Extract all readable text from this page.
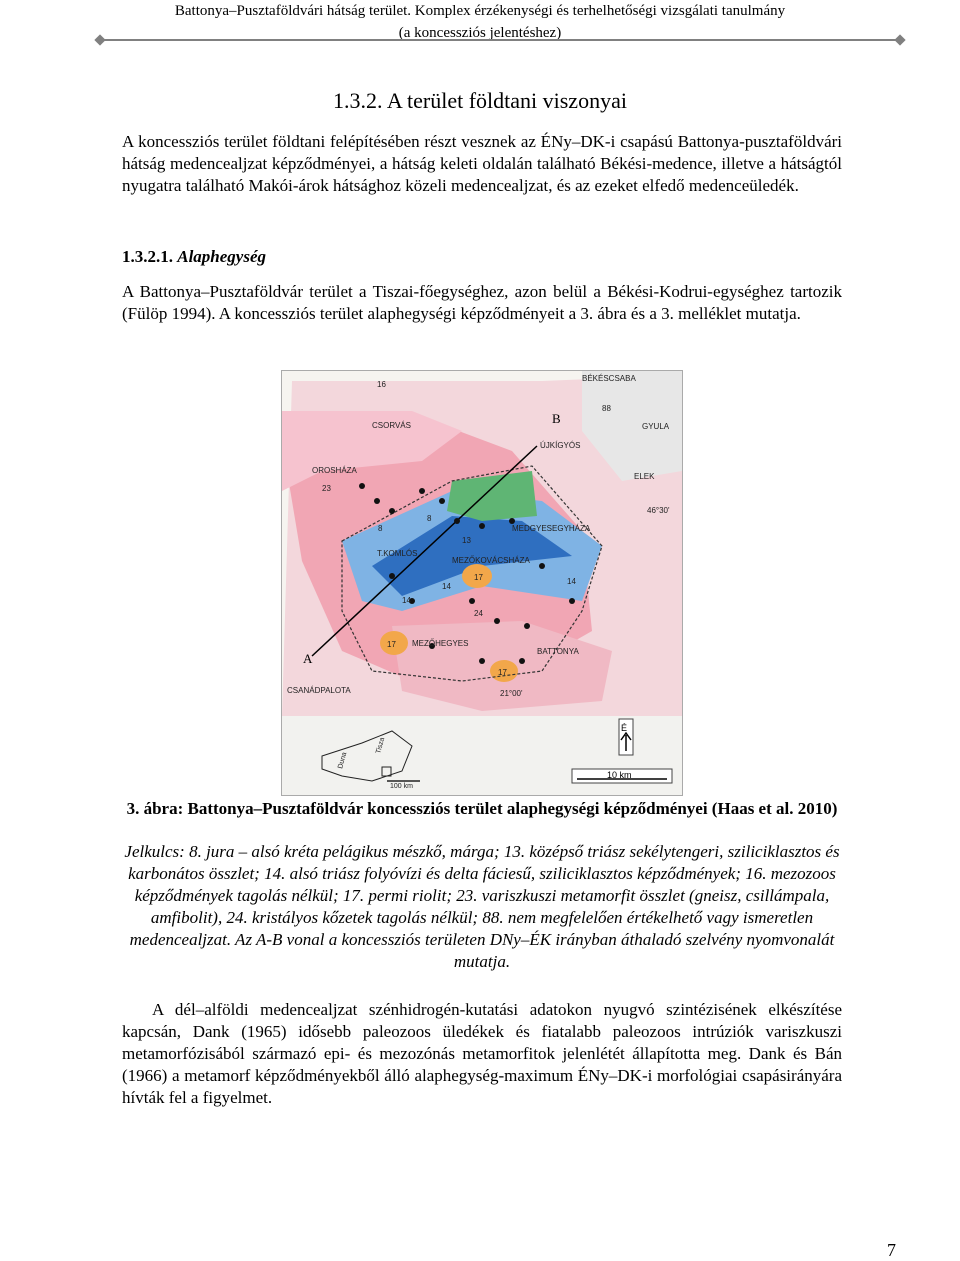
Battonya–Pusztaföldvári hátság terület. Komplex érzékenységi és terhelhetőségi vizsgálati tanulmány
(a koncessziós jelentéshez)
1.3.2. A terület földtani viszonyai
A koncessziós terület földtani felépítésében részt vesznek az ÉNy–DK-i csapású Battonya-pusztaföldvári hátság medencealjzat képződményei, a hátság keleti oldalán található Békési-medence, illetve a hátságtól nyugatra található Makói-árok hátsághoz közeli medencealjzat, és az ezeket elfedő medenceüledék.
1.3.2.1. Alaphegység
A Battonya–Pusztaföldvár terület a Tiszai-főegységhez, azon belül a Békési-Kodrui-egységhez tartozik (Fülöp 1994). A koncessziós terület alaphegységi képződményeit a 3. ábra és a 3. melléklet mutatja.
BÉKÉSCSABA
CSORVÁS
ÚJKÍGYÓS
GYULA
OROSHÁZA
ELEK
MEDGYESEGYHÁZA
MEZŐKOVÁCSHÁZA
T.KOMLÓS
MEZŐHEGYES
BATTONYA
CSANÁDPALOTA
46°30'
21°00'
A
B
16
88
23
8
13
14
14
17
24
14
17
17
8
Duna
Tisza
100 km
É
10 km
3. ábra: Battonya–Pusztaföldvár koncessziós terület alaphegységi képződményei (Haas et al. 2010)
Jelkulcs: 8. jura – alsó kréta pelágikus mészkő, márga; 13. középső triász sekélytengeri, sziliciklasztos és karbonátos összlet; 14. alsó triász folyóvízi és delta fáciesű, sziliciklasztos képződmények; 16. mezozoos képződmények tagolás nélkül; 17. permi riolit; 23. variszkuszi metamorfit összlet (gneisz, csillámpala, amfibolit), 24. kristályos kőzetek tagolás nélkül; 88. nem megfelelően értékelhető vagy ismeretlen medencealjzat. Az A-B vonal a koncessziós területen DNy–ÉK irányban áthaladó szelvény nyomvonalát mutatja.
A dél–alföldi medencealjzat szénhidrogén-kutatási adatokon nyugvó szintézisének elkészítése kapcsán, Dank (1965) idősebb paleozoos üledékek és fiatalabb paleozoos intrúziók variszkuszi metamorfózisából származó epi- és mezozónás metamorfitok jelenlétét állapította meg. Dank és Bán (1966) a metamorf képződményekből álló alaphegység-maximum ÉNy–DK-i morfológiai csapásirányára hívták fel a figyelmet.
7
